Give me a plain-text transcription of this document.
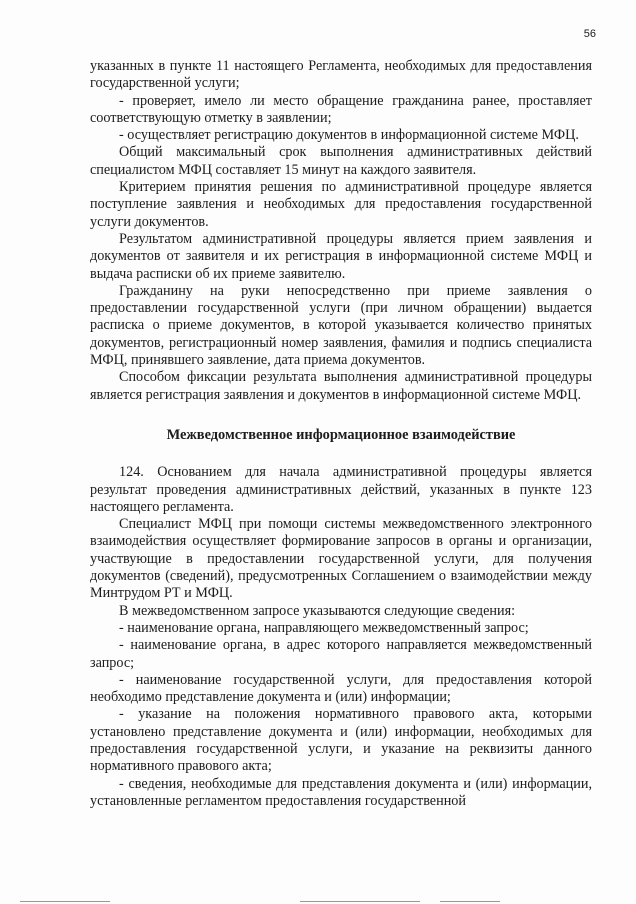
56

указанных в пункте 11 настоящего Регламента, необходимых для предоставления государственной услуги;

- проверяет, имело ли место обращение гражданина ранее, проставляет соответствующую отметку в заявлении;

- осуществляет регистрацию документов в информационной системе МФЦ.

Общий максимальный срок выполнения административных действий специалистом МФЦ составляет 15 минут на каждого заявителя.

Критерием принятия решения по административной процедуре является поступление заявления и необходимых для предоставления государственной услуги документов.

Результатом административной процедуры является прием заявления и документов от заявителя и их регистрация в информационной системе МФЦ и выдача расписки об их приеме заявителю.

Гражданину на руки непосредственно при приеме заявления о предоставлении государственной услуги (при личном обращении) выдается расписка о приеме документов, в которой указывается количество принятых документов, регистрационный номер заявления, фамилия и подпись специалиста МФЦ, принявшего заявление, дата приема документов.

Способом фиксации результата выполнения административной процедуры является регистрация заявления и документов в информационной системе МФЦ.

Межведомственное информационное взаимодействие

124. Основанием для начала административной процедуры является результат проведения административных действий, указанных в пункте 123 настоящего регламента.

Специалист МФЦ при помощи системы межведомственного электронного взаимодействия осуществляет формирование запросов в органы и организации, участвующие в предоставлении государственной услуги, для получения документов (сведений), предусмотренных Соглашением о взаимодействии между Минтрудом РТ и МФЦ.

В межведомственном запросе указываются следующие сведения:

- наименование органа, направляющего межведомственный запрос;

- наименование органа, в адрес которого направляется межведомственный запрос;

- наименование государственной услуги, для предоставления которой необходимо представление документа и (или) информации;

- указание на положения нормативного правового акта, которыми установлено представление документа и (или) информации, необходимых для предоставления государственной услуги, и указание на реквизиты данного нормативного правового акта;

- сведения, необходимые для представления документа и (или) информации, установленные регламентом предоставления государственной
